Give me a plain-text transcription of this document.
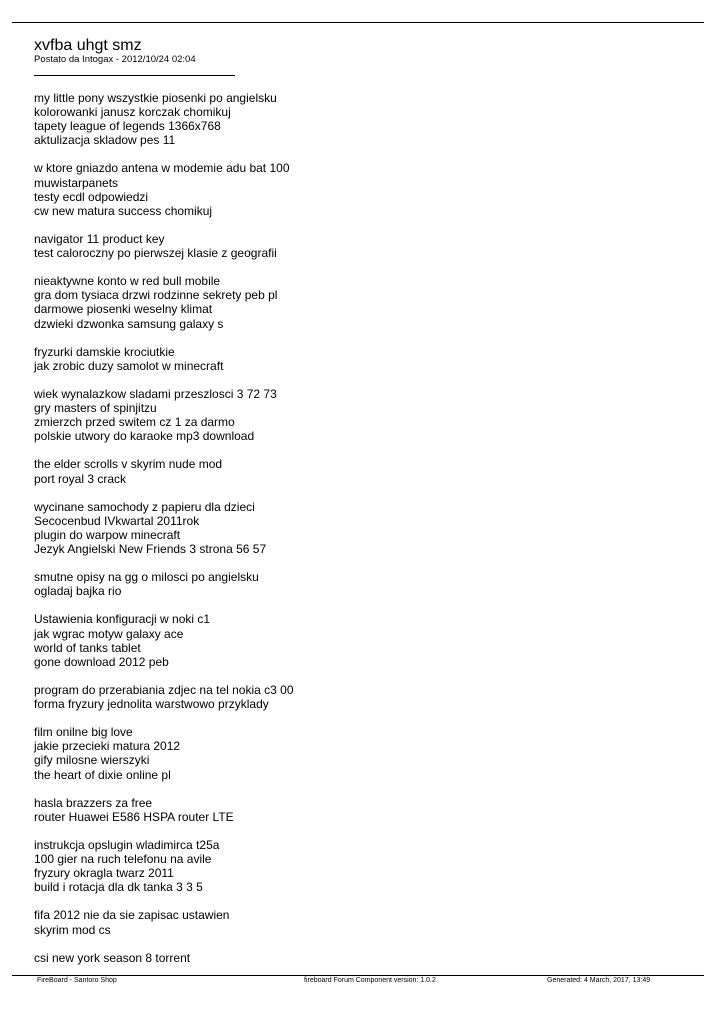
xvfba uhgt smz
Postato da Intogax - 2012/10/24 02:04
my little pony wszystkie piosenki po angielsku
kolorowanki janusz korczak chomikuj
tapety league of legends 1366x768
aktulizacja skladow pes 11
w ktore gniazdo antena w modemie adu bat 100
muwistarpanets
testy ecdl odpowiedzi
cw new matura success chomikuj
navigator 11 product key
test caloroczny po pierwszej klasie z geografii
nieaktywne konto w red bull mobile
gra dom tysiaca drzwi rodzinne sekrety peb pl
darmowe piosenki weselny klimat
dzwieki dzwonka samsung galaxy s
fryzurki damskie krociutkie
jak zrobic duzy samolot w minecraft
wiek wynalazkow sladami przeszlosci 3 72 73
gry masters of spinjitzu
zmierzch przed switem cz 1 za darmo
polskie utwory do karaoke mp3 download
the elder scrolls v skyrim nude mod
port royal 3 crack
wycinane samochody z papieru dla dzieci
Secocenbud IVkwartal 2011rok
plugin do warpow minecraft
Jezyk Angielski New Friends 3 strona 56 57
smutne opisy na gg o milosci po angielsku
ogladaj bajka rio
Ustawienia konfiguracji w noki c1
jak wgrac motyw galaxy ace
world of tanks tablet
gone download 2012 peb
program do przerabiania zdjec na tel nokia c3 00
forma fryzury jednolita warstwowo przyklady
film onilne big love
jakie przecieki matura 2012
gify milosne wierszyki
the heart of dixie online pl
hasla brazzers za free
router Huawei E586 HSPA router LTE
instrukcja opslugin wladimirca t25a
100 gier na ruch telefonu na avile
fryzury okragla twarz 2011
build i rotacja dla dk tanka 3 3 5
fifa 2012 nie da sie zapisac ustawien
skyrim mod cs
csi new york season 8 torrent
FireBoard - Santoro Shop	fireboard Forum Component version: 1.0.2	Generated: 4 March, 2017, 13:49
